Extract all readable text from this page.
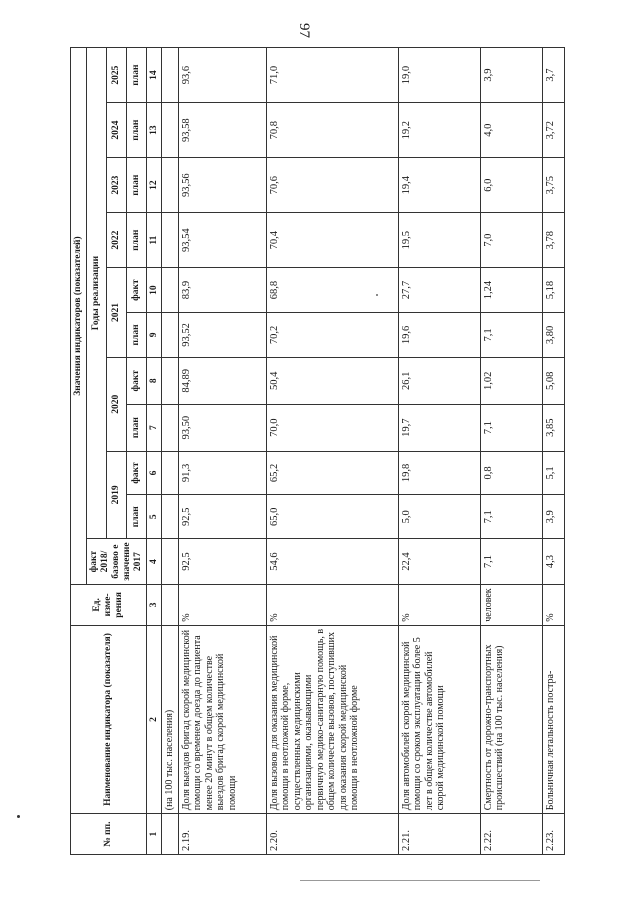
97
№ пп.	Наименование индикатора (показателя)	Ед. изме-рения	Значения индикаторов (показателей)										
			факт 2018/базово е значение 2017	Годы реализации									
				2019		2020		2021		2022	2023	2024	2025
				план	факт	план	факт	план	факт	план	план	план	план
1	2	3	4	5	6	7	8	9	10	11	12	13	14
	(на 100 тыс. населения)												
2.19.	Доля выездов бригад скорой медицинской помощи со временем доезда до пациента менее 20 минут в общем количестве выездов бригад скорой медицинской помощи	%	92,5	92,5	91,3	93,50	84,89	93,52	83,9	93,54	93,56	93,58	93,6
2.20.	Доля вызовов для оказания медицинской помощи в неотложной форме, осуществленных медицинскими организациями, оказывающими первичную медико-санитарную помощь, в общем количестве вызовов, поступивших для оказания скорой медицинской помощи в неотложной форме	%	54,6	65,0	65,2	70,0	50,4	70,2	68,8	70,4	70,6	70,8	71,0
2.21.	Доля автомобилей скорой медицинской помощи со сроком эксплуатации более 5 лет в общем количестве автомобилей скорой медицинской помощи	%	22,4	5,0	19,8	19,7	26,1	19,6	27,7	19,5	19,4	19,2	19,0
2.22.	Смертность от дорожно-транспортных происшествий (на 100 тыс. населения)	человек	7,1	7,1	0,8	7,1	1,02	7,1	1,24	7,0	6,0	4,0	3,9
2.23.	Больничная летальность постра-	%	4,3	3,9	5,1	3,85	5,08	3,80	5,18	3,78	3,75	3,72	3,7
